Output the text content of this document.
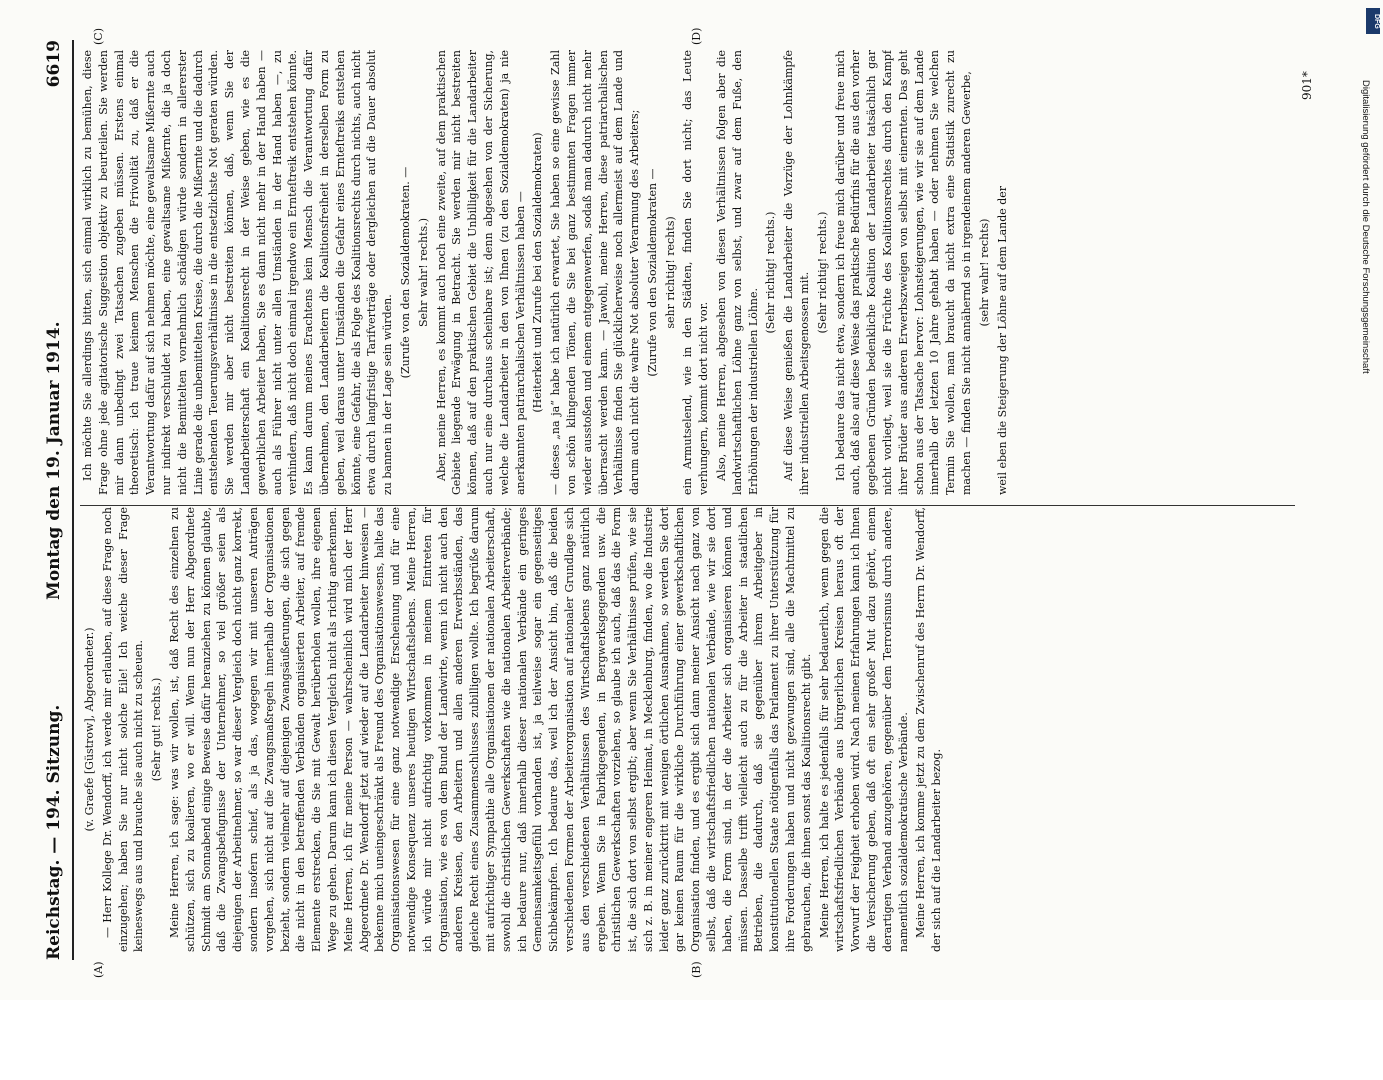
Reichstag. — 194. Sitzung.
Montag den 19. Januar 1914.
6619
(A)	(B)
(C)	(D)

(v. Graefe [Güstrow], Abgeordneter.) — Herr Kollege Dr. Wendorff, ich werde mir erlauben, auf diese Frage noch einzugehen; haben Sie nur nicht solche Eile! Ich weiche dieser Frage keineswegs aus und brauche sie auch nicht zu scheuen. (Sehr gut! rechts.) Meine Herren, ich sage: was wir wollen, ist, daß Recht des einzelnen zu schützen, sich zu koalieren, wo er will. Wenn nun der Herr Abgeordnete Schmidt am Sonnabend einige Beweise dafür heranziehen zu können glaubte, daß die Zwangsbefugnisse der Unternehmer, so viel größer seien als diejenigen der Arbeitnehmer, so war dieser Vergleich doch nicht ganz korrekt, sondern insofern schief, als ja das, wogegen wir mit unseren Anträgen vorgehen, sich nicht auf die Zwangsmaßregeln innerhalb der Organisationen bezieht, sondern vielmehr auf diejenigen Zwangsäußerungen, die sich gegen die nicht in den betreffenden Verbänden organisierten Arbeiter, auf fremde Elemente erstrecken, die Sie mit Gewalt herüberholen wollen, ihre eigenen Wege zu gehen. Darum kann ich diesen Vergleich nicht als richtig anerkennen. Meine Herren, ich für meine Person — wahrscheinlich wird mich der Herr Abgeordnete Dr. Wendorff jetzt auf wieder auf die Landarbeiter hinweisen — bekenne mich uneingeschränkt als Freund des Organisationswesens, halte das Organisationswesen für eine ganz notwendige Erscheinung und für eine notwendige Konsequenz unseres heutigen Wirtschaftslebens. Meine Herren, ich würde mir nicht aufrichtig vorkommen in meinem Eintreten für Organisation, wie es von dem Bund der Landwirte, wenn ich nicht auch den anderen Kreisen, den Arbeitern und allen anderen Erwerbsständen, das gleiche Recht eines Zusammenschlusses zubilligen wollte. Ich begrüße darum mit aufrichtiger Sympathie alle Organisationen der nationalen Arbeiterschaft, sowohl die christlichen Gewerkschaften wie die nationalen Arbeiterverbände; ich bedaure nur, daß innerhalb dieser nationalen Verbände ein geringes Gemeinsamkeitsgefühl vorhanden ist, ja teilweise sogar ein gegenseitiges Sichbekämpfen. Ich bedaure das, weil ich der Ansicht bin, daß die beiden verschiedenen Formen der Arbeiterorganisation auf nationaler Grundlage sich aus den verschiedenen Verhältnissen des Wirtschaftslebens ganz natürlich ergeben. Wenn Sie in Fabrikgegenden, in Bergwerksgegenden usw. die christlichen Gewerkschaften vorziehen, so glaube ich auch, daß das die Form ist, die sich dort von selbst ergibt; aber wenn Sie Verhältnisse prüfen, wie sie sich z. B. in meiner engeren Heimat, in Mecklenburg, finden, wo die Industrie leider ganz zurücktritt mit wenigen örtlichen Ausnahmen, so werden Sie dort gar keinen Raum für die wirkliche Durchführung einer gewerkschaftlichen Organisation finden, und es ergibt sich dann meiner Ansicht nach ganz von selbst, daß die wirtschaftsfriedlichen nationalen Verbände, wie wir sie dort haben, die Form sind, in der die Arbeiter sich organisieren können und müssen. Dasselbe trifft vielleicht auch zu für die Arbeiter in staatlichen Betrieben, die dadurch, daß sie gegenüber ihrem Arbeitgeber in konstitutionellen Staate nötigenfalls das Parlament zu ihrer Unterstützung für ihre Forderungen haben und nicht gezwungen sind, alle die Machtmittel zu gebrauchen, die ihnen sonst das Koalitionsrecht gibt. Meine Herren, ich halte es jedenfalls für sehr bedauerlich, wenn gegen die wirtschaftsfriedlichen Verbände aus bürgerlichen Kreisen heraus oft der Vorwurf der Feigheit erhoben wird. Nach meinen Erfahrungen kann ich Ihnen die Versicherung geben, daß oft ein sehr großer Mut dazu gehört, einem derartigen Verband anzugehören, gegenüber dem Terrorismus durch andere, namentlich sozialdemokratische Verbände. Meine Herren, ich komme jetzt zu dem Zwischenruf des Herrn Dr. Wendorff, der sich auf die Landarbeiter bezog.

Ich möchte Sie allerdings bitten, sich einmal wirklich zu bemühen, diese Frage ohne jede agitatorische Suggestion objektiv zu beurteilen. Sie werden mir dann unbedingt zwei Tatsachen zugeben müssen. Erstens einmal theoretisch: ich traue keinem Menschen die Frivolität zu, daß er die Verantwortung dafür auf sich nehmen möchte, eine gewaltsame Mißernte auch nur indirekt verschuldet zu haben, eine gewaltsame Mißernte, die ja doch nicht die Bemittelten vornehmlich schädigen würde sondern in allererster Linie gerade die unbemittelten Kreise, die durch die Mißernte und die dadurch entstehenden Teuerungsverhältnisse in die entsetzlichste Not geraten würden. Sie werden mir aber nicht bestreiten können, daß, wenn Sie der Landarbeiterschaft ein Koalitionsrecht in der Weise geben, wie es die gewerblichen Arbeiter haben, Sie es dann nicht mehr in der Hand haben — auch als Führer nicht unter allen Umständen in der Hand haben —, zu verhindern, daß nicht doch einmal irgendwo ein Ernteſtreik entstehen könnte. Es kann darum meines Erachtens kein Mensch die Verantwortung dafür übernehmen, den Landarbeitern die Koalitionsfreiheit in derselben Form zu geben, weil daraus unter Umständen die Gefahr eines Ernteſtreiks entstehen könnte, eine Gefahr, die als Folge des Koalitionsrechts durch nichts, auch nicht etwa durch langfristige Tarifverträge oder dergleichen auf die Dauer absolut zu bannen in der Lage sein würden.

(Zurufe von den Sozialdemokraten. — Sehr wahr! rechts.) Aber, meine Herren, es kommt auch noch eine zweite, auf dem praktischen Gebiete liegende Erwägung in Betracht. Sie werden mir nicht bestreiten können, daß auf den praktischen Gebiet die Unbilligkeit für die Landarbeiter auch nur eine durchaus scheinbare ist; denn abgesehen von der Sicherung, welche die Landarbeiter in den von Ihnen (zu den Sozialdemokraten) ja nie anerkannten patriarchalischen Verhältnissen haben — (Heiterkeit und Zurufe bei den Sozialdemokraten) — dieses „na ja“ habe ich natürlich erwartet, Sie haben so eine gewisse Zahl von schön klingenden Tönen, die Sie bei ganz bestimmten Fragen immer wieder ausstoßen und einem entgegenwerfen, sodaß man dadurch nicht mehr überrascht werden kann. — Jawohl, meine Herren, diese patriarchalischen Verhältnisse finden Sie glücklicherweise noch allermeist auf dem Lande und darum auch nicht die wahre Not absoluter Verarmung des Arbeiters; (Zurufe von den Sozialdemokraten — sehr richtig! rechts) ein Armutselend, wie in den Städten, finden Sie dort nicht; das Leute verhungern, kommt dort nicht vor. Also, meine Herren, abgesehen von diesen Verhältnissen folgen aber die landwirtschaftlichen Löhne ganz von selbst, und zwar auf dem Fuße, den Erhöhungen der industriellen Löhne.

(Sehr richtig! rechts.) Auf diese Weise genießen die Landarbeiter die Vorzüge der Lohnkämpfe ihrer industriellen Arbeitsgenossen mit. (Sehr richtig! rechts.) Ich bedaure das nicht etwa, sondern ich freue mich darüber und freue mich auch, daß also auf diese Weise das praktische Bedürfnis für die aus den vorher gegebenen Gründen bedenkliche Koalition der Landarbeiter tatsächlich gar nicht vorliegt, weil sie die Früchte des Koalitionsrechtes durch den Kampf ihrer Brüder aus anderen Erwerbszweigen von selbst mit einernten. Das geht schon aus der Tatsache hervor: Lohnsteigerungen, wie wir sie auf dem Lande innerhalb der letzten 10 Jahre gehabt haben — oder nehmen Sie welchen Termin Sie wollen, man braucht da nicht extra eine Statistik zurecht zu machen — finden Sie nicht annähernd so in irgendeinem anderen Gewerbe, (sehr wahr! rechts) weil eben die Steigerung der Löhne auf dem Lande der

901*	Digitalisierung gefördert durch die Deutsche Forschungsgemeinschaft
DFG
